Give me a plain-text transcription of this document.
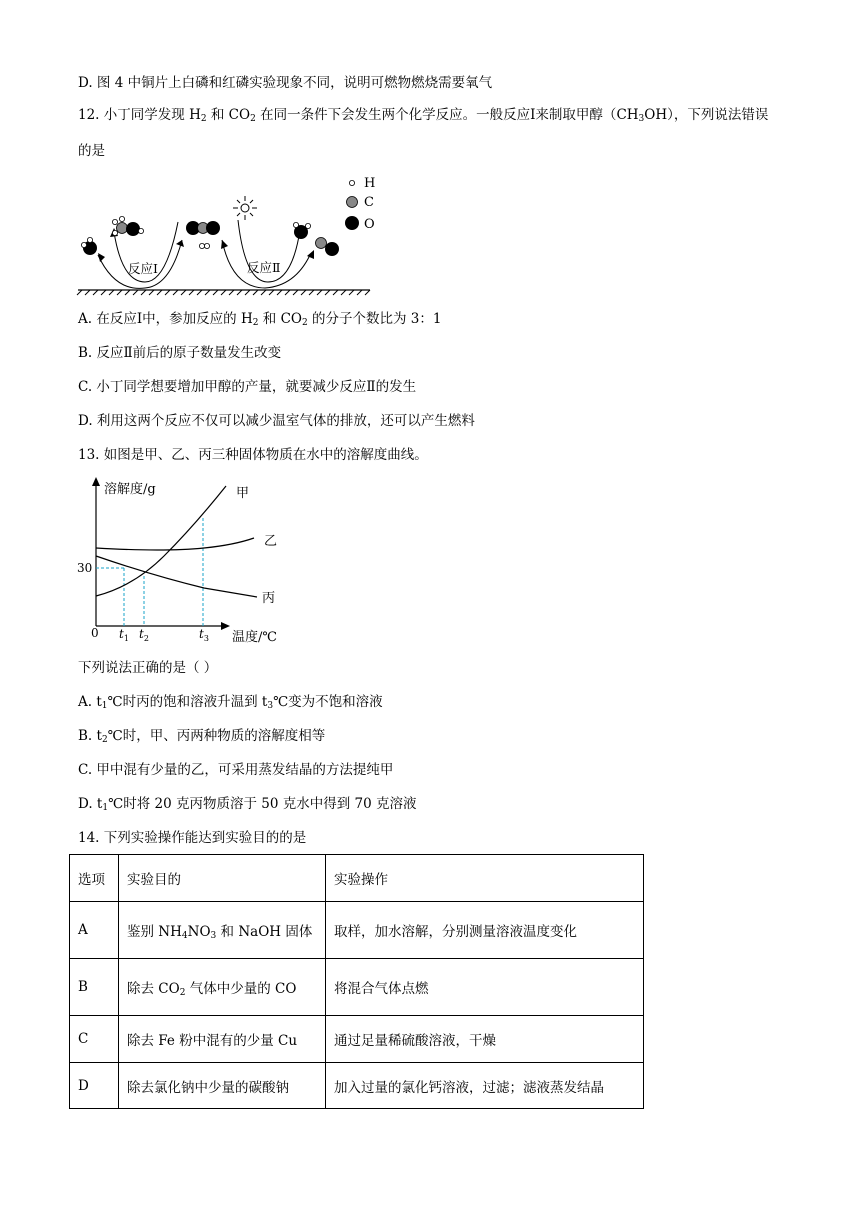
D. 图 4 中铜片上白磷和红磷实验现象不同，说明可燃物燃烧需要氧气
12. 小丁同学发现 $H_2$ 和 $CO_2$ 在同一条件下会发生两个化学反应。一般反应Ⅰ来制取甲醇$(CH_3OH)$，下列说法错误的是
反应Ⅰ	反应Ⅱ
H
C
O
A. 在反应Ⅰ中，参加反应的 $H_2$ 和 $CO_2$ 的分子个数比为 3：1
B. 反应Ⅱ前后的原子数量发生改变
C. 小丁同学想要增加甲醇的产量，就要减少反应Ⅱ的发生
D. 利用这两个反应不仅可以减少温室气体的排放，还可以产生燃料
13. 如图是甲、乙、丙三种固体物质在水中的溶解度曲线。
溶解度/g
温度/℃
0
30
甲
乙
丙
$t_1$ $t_2$	$t_3$
下列说法正确的是（ ）
A. $t_1℃$时丙的饱和溶液升温到 $t_3℃$变为不饱和溶液
B. $t_2℃$时，甲、丙两种物质的溶解度相等
C. 甲中混有少量的乙，可采用蒸发结晶的方法提纯甲
D. $t_1℃$时将 20 克丙物质溶于 50 克水中得到 70 克溶液
14. 下列实验操作能达到实验目的的是
选项	实验目的	实验操作
A	鉴别 $NH_4NO_3$ 和 NaOH 固体	取样，加水溶解，分别测量溶液温度变化
B	除去 $CO_2$ 气体中少量的 CO	将混合气体点燃
C	除去 Fe 粉中混有的少量 Cu	通过足量稀硫酸溶液，干燥
D	除去氯化钠中少量的碳酸钠	加入过量的氯化钙溶液，过滤；滤液蒸发结晶
